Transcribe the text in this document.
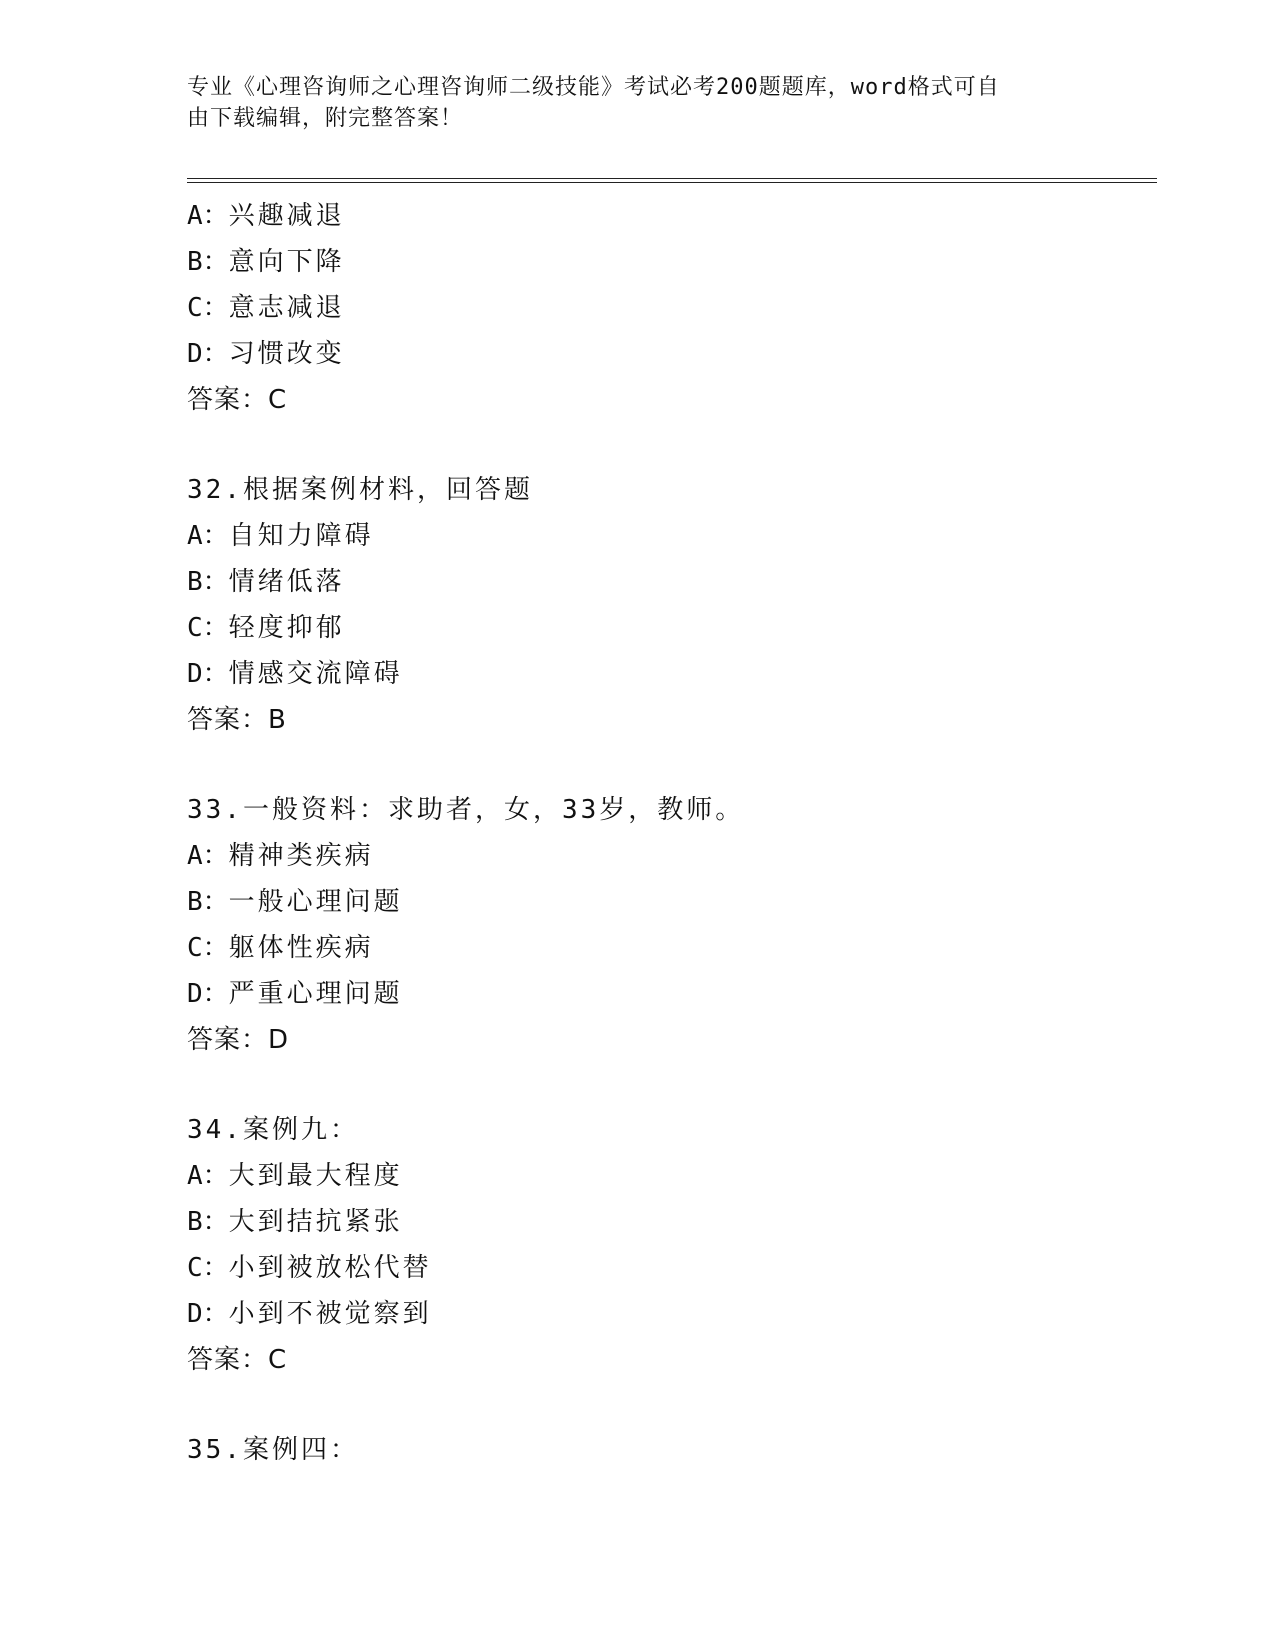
专业《心理咨询师之心理咨询师二级技能》考试必考200题题库，word格式可自
由下载编辑，附完整答案！
A：兴趣减退
B：意向下降
C：意志减退
D：习惯改变
答案：C
32.根据案例材料，回答题
A：自知力障碍
B：情绪低落
C：轻度抑郁
D：情感交流障碍
答案：B
33.一般资料：求助者，女，33岁，教师。
A：精神类疾病
B：一般心理问题
C：躯体性疾病
D：严重心理问题
答案：D
34.案例九：
A：大到最大程度
B：大到拮抗紧张
C：小到被放松代替
D：小到不被觉察到
答案：C
35.案例四：
